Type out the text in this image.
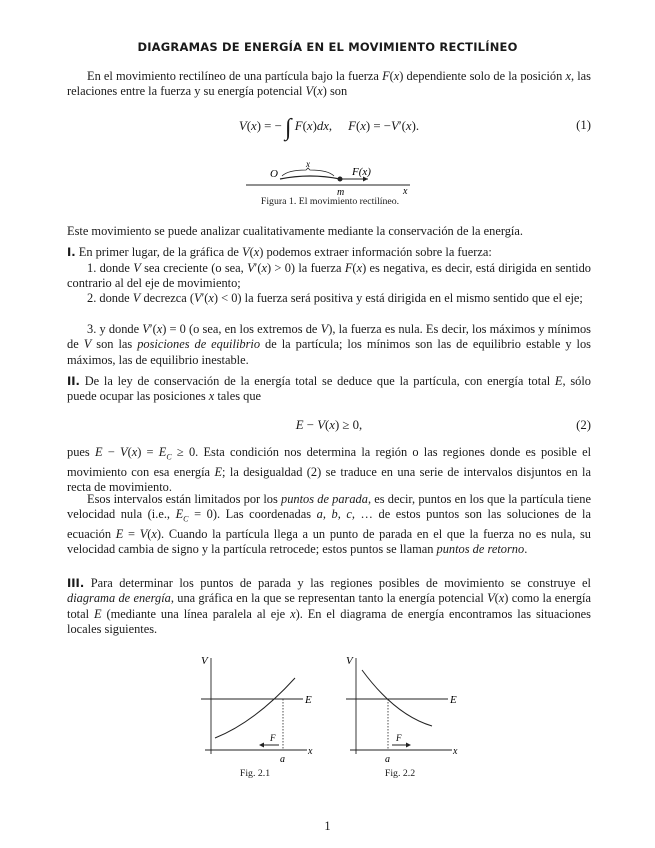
DIAGRAMAS DE ENERGÍA EN EL MOVIMIENTO RECTILÍNEO
En el movimiento rectilíneo de una partícula bajo la fuerza F(x) dependiente solo de la posición x, las relaciones entre la fuerza y su energía potencial V(x) son
V(x) = − ∫ F(x)dx,     F(x) = −V′(x).	(1)
O
x
F(x)
m	x
Figura 1. El movimiento rectilíneo.
Este movimiento se puede analizar cualitativamente mediante la conservación de la energía.
I. En primer lugar, de la gráfica de V(x) podemos extraer información sobre la fuerza:
1. donde V sea creciente (o sea, V′(x) > 0) la fuerza F(x) es negativa, es decir, está dirigida en sentido contrario al del eje de movimiento;
2. donde V decrezca (V′(x) < 0) la fuerza será positiva y está dirigida en el mismo sentido que el eje;
3. y donde V′(x) = 0 (o sea, en los extremos de V), la fuerza es nula. Es decir, los máximos y mínimos de V son las posiciones de equilibrio de la partícula; los mínimos son las de equilibrio estable y los máximos, las de equilibrio inestable.
II. De la ley de conservación de la energía total se deduce que la partícula, con energía total E, sólo puede ocupar las posiciones x tales que
E − V(x) ≥ 0,	(2)
pues $E - V(x) = E_C \ge 0$. Esta condición nos determina la región o las regiones donde es posible el movimiento con esa energía E; la desigualdad (2) se traduce en una serie de intervalos disjuntos en la recta de movimiento.
Esos intervalos están limitados por los puntos de parada, es decir, puntos en los que la partícula tiene velocidad nula (i.e., $E_C = 0$). Las coordenadas a, b, c, … de estos puntos son las soluciones de la ecuación E = V(x). Cuando la partícula llega a un punto de parada en el que la fuerza no es nula, su velocidad cambia de signo y la partícula retrocede; estos puntos se llaman puntos de retorno.
III. Para determinar los puntos de parada y las regiones posibles de movimiento se construye el diagrama de energía, una gráfica en la que se representan tanto la energía potencial V(x) como la energía total E (mediante una línea paralela al eje x). En el diagrama de energía encontramos las situaciones locales siguientes.
V
E
F
a
x
Fig. 2.1
V
E
F
a
x
Fig. 2.2
1
